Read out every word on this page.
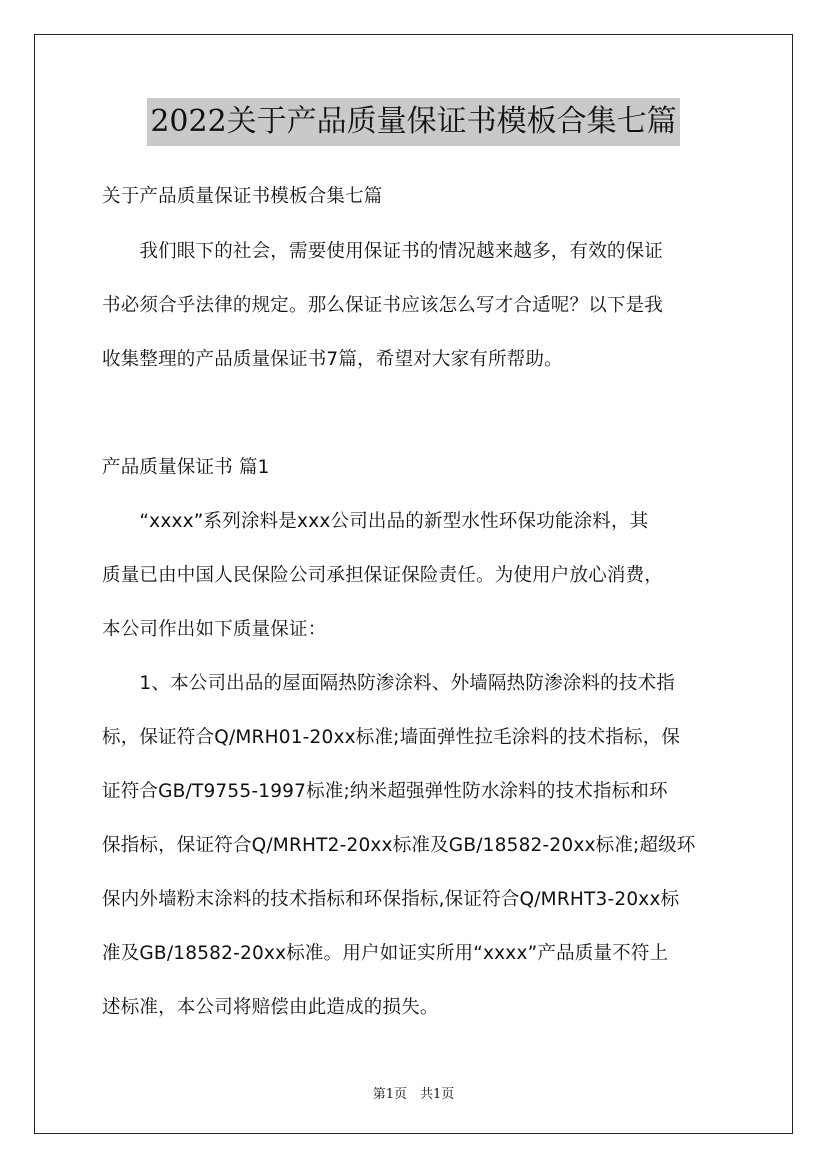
2022关于产品质量保证书模板合集七篇
关于产品质量保证书模板合集七篇
　　我们眼下的社会，需要使用保证书的情况越来越多，有效的保证
书必须合乎法律的规定。那么保证书应该怎么写才合适呢？以下是我
收集整理的产品质量保证书7篇，希望对大家有所帮助。
产品质量保证书 篇1
　　“xxxx”系列涂料是xxx公司出品的新型水性环保功能涂料，其
质量已由中国人民保险公司承担保证保险责任。为使用户放心消费，
本公司作出如下质量保证：
　　1、本公司出品的屋面隔热防渗涂料、外墙隔热防渗涂料的技术指
标，保证符合Q/MRH01-20xx标准;墙面弹性拉毛涂料的技术指标，保
证符合GB/T9755-1997标准;纳米超强弹性防水涂料的技术指标和环
保指标，保证符合Q/MRHT2-20xx标准及GB/18582-20xx标准;超级环
保内外墙粉末涂料的技术指标和环保指标,保证符合Q/MRHT3-20xx标
准及GB/18582-20xx标准。用户如证实所用“xxxx”产品质量不符上
述标准，本公司将赔偿由此造成的损失。
第1页　共1页
